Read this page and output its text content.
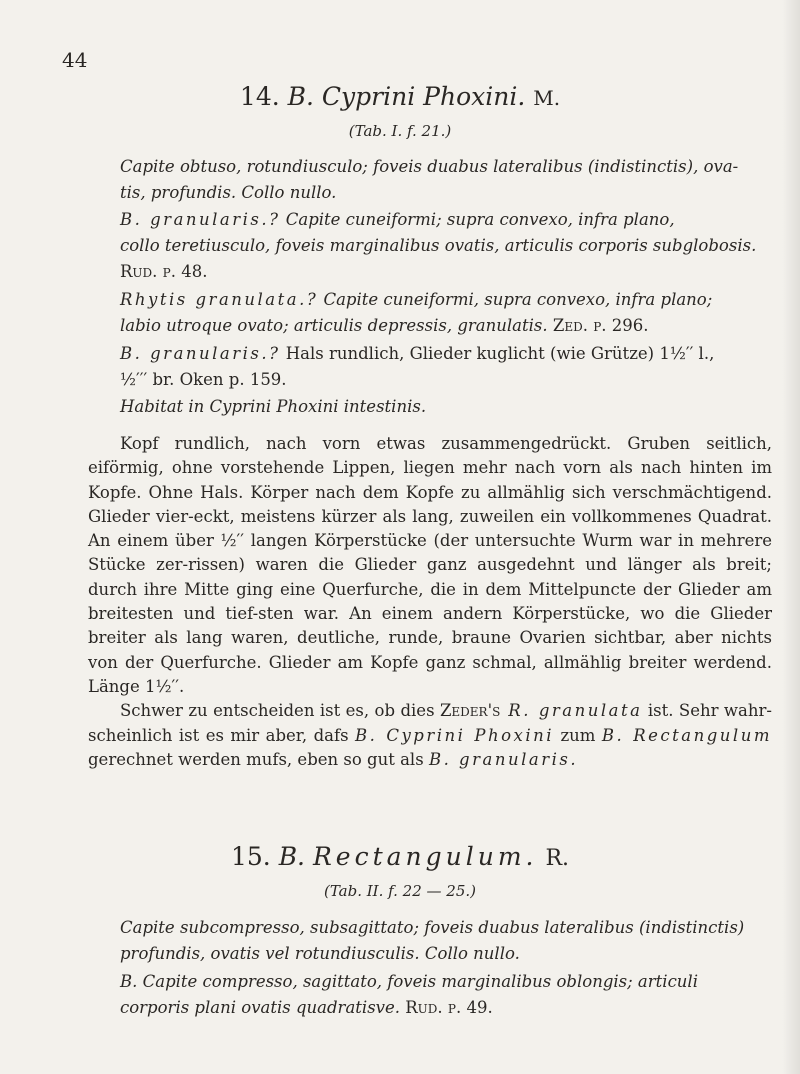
44
14. B. Cyprini Phoxini. M.
(Tab. I. f. 21.)
Capite obtuso, rotundiusculo; foveis duabus lateralibus (indistinctis), ova-
tis, profundis. Collo nullo.
B. granularis.? Capite cuneiformi; supra convexo, infra plano,
collo teretiusculo, foveis marginalibus ovatis, articulis corporis subglobosis.
Rud. p. 48.
Rhytis granulata.? Capite cuneiformi, supra convexo, infra plano;
labio utroque ovato; articulis depressis, granulatis. Zed. p. 296.
B. granularis.? Hals rundlich, Glieder kuglicht (wie Grütze) 1½′′ l.,
½′′′ br. Oken p. 159.
Habitat in Cyprini Phoxini intestinis.

Kopf rundlich, nach vorn etwas zusammengedrückt. Gruben seitlich, eiförmig, ohne vorstehende Lippen, liegen mehr nach vorn als nach hinten im Kopfe. Ohne Hals. Körper nach dem Kopfe zu allmählig sich verschmächtigend. Glieder vier-eckt, meistens kürzer als lang, zuweilen ein vollkommenes Quadrat. An einem über ½′′ langen Körperstücke (der untersuchte Wurm war in mehrere Stücke zer-rissen) waren die Glieder ganz ausgedehnt und länger als breit; durch ihre Mitte ging eine Querfurche, die in dem Mittelpuncte der Glieder am breitesten und tief-sten war. An einem andern Körperstücke, wo die Glieder breiter als lang waren, deutliche, runde, braune Ovarien sichtbar, aber nichts von der Querfurche. Glieder am Kopfe ganz schmal, allmählig breiter werdend. Länge 1½′′.

Schwer zu entscheiden ist es, ob dies Zeder's R. granulata ist. Sehr wahr-scheinlich ist es mir aber, dafs B. Cyprini Phoxini zum B. Rectangulum gerechnet werden mufs, eben so gut als B. granularis.

15. B. Rectangulum. R.
(Tab. II. f. 22 — 25.)
Capite subcompresso, subsagittato; foveis duabus lateralibus (indistinctis)
profundis, ovatis vel rotundiusculis. Collo nullo.
B. Capite compresso, sagittato, foveis marginalibus oblongis; articuli
corporis plani ovatis quadratisve. Rud. p. 49.
